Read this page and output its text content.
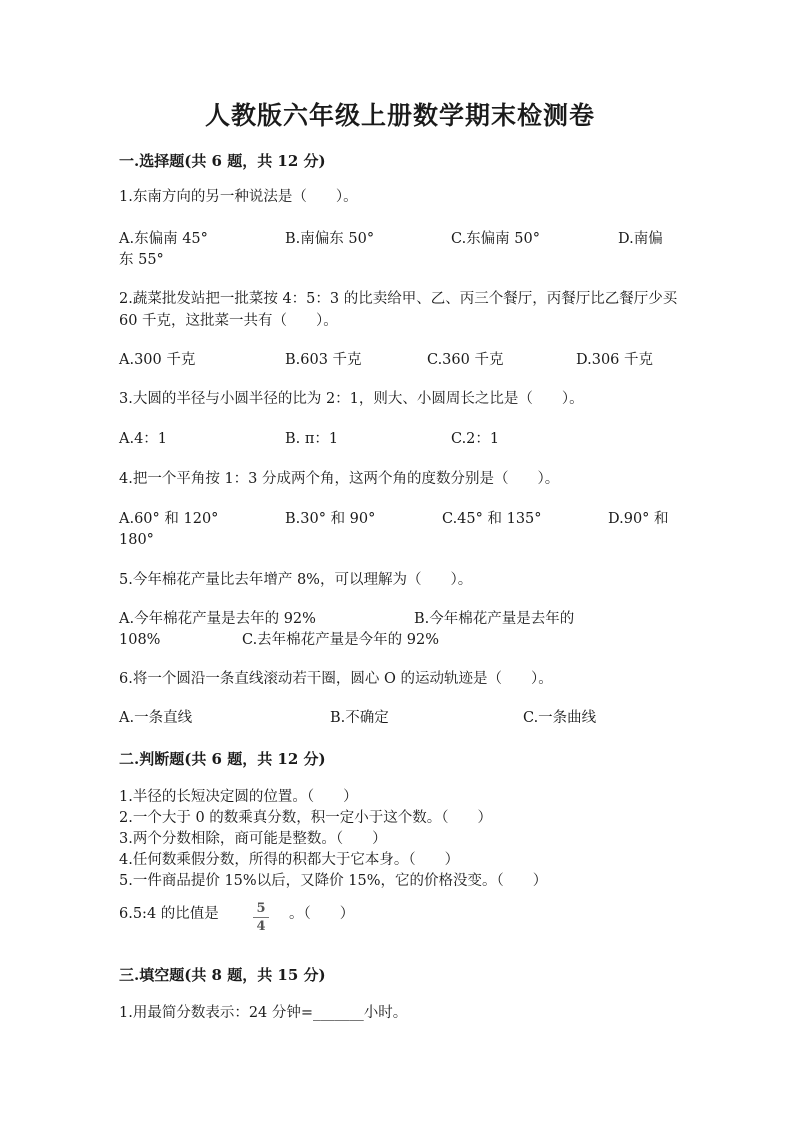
人教版六年级上册数学期末检测卷
一.选择题(共 6 题，共 12 分)
1.东南方向的另一种说法是（　　）。
A.东偏南 45°	B.南偏东 50°	C.东偏南 50°	D.南偏
东 55°
2.蔬菜批发站把一批菜按 4：5：3 的比卖给甲、乙、丙三个餐厅，丙餐厅比乙餐厅少买 60 千克，这批菜一共有（　　）。
A.300 千克	B.603 千克	C.360 千克	D.306 千克
3.大圆的半径与小圆半径的比为 2：1，则大、小圆周长之比是（　　）。
A.4：1	B. π：1	C.2：1
4.把一个平角按 1：3 分成两个角，这两个角的度数分别是（　　）。
A.60° 和 120°	B.30° 和 90°	C.45° 和 135°	D.90° 和
180°
5.今年棉花产量比去年增产 8%，可以理解为（　　）。
A.今年棉花产量是去年的 92%	B.今年棉花产量是去年的
108%	C.去年棉花产量是今年的 92%
6.将一个圆沿一条直线滚动若干圈，圆心 O 的运动轨迹是（　　）。
A.一条直线	B.不确定	C.一条曲线
二.判断题(共 6 题，共 12 分)
1.半径的长短决定圆的位置。（　　）
2.一个大于 0 的数乘真分数，积一定小于这个数。（　　）
3.两个分数相除，商可能是整数。（　　）
4.任何数乘假分数，所得的积都大于它本身。（　　）
5.一件商品提价 15%以后，又降价 15%，它的价格没变。（　　）
6.5:4 的比值是	5
4
。（　　）
三.填空题(共 8 题，共 15 分)
1.用最简分数表示：24 分钟=_______小时。
